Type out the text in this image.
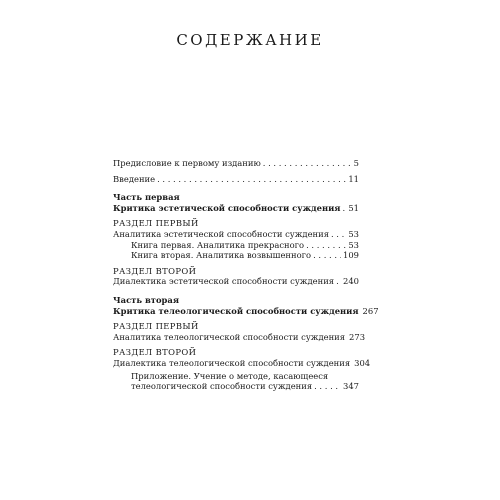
СОДЕРЖАНИЕ
Предисловие к первому изданию . . .	5
Введение . . .	11
Часть первая
Критика эстетической способности суждения . . . 51
РАЗДЕЛ ПЕРВЫЙ
Аналитика эстетической способности суждения . . . 53
Книга первая. Аналитика прекрасного . . .	53
Книга вторая. Аналитика возвышенного . . .	109
РАЗДЕЛ ВТОРОЙ
Диалектика эстетической способности суждения . . . 240
Часть вторая
Критика телеологической способности суждения 267
РАЗДЕЛ ПЕРВЫЙ
Аналитика телеологической способности суждения 273
РАЗДЕЛ ВТОРОЙ
Диалектика телеологической способности суждения 304
Приложение. Учение о методе, касающееся
телеологической способности суждения . . .	347
